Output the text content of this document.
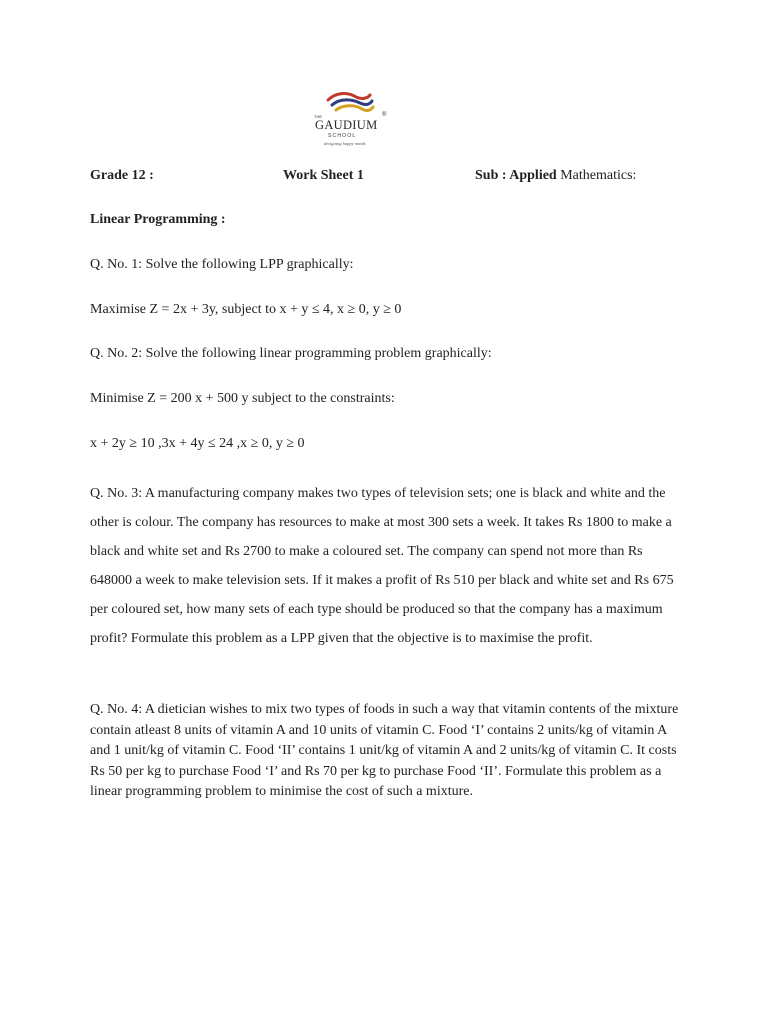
THE
GAUDIUM
®
SCHOOL
designing happy minds
Grade 12 :	Work Sheet 1	Sub : Applied Mathematics:
Linear Programming :
Q. No. 1: Solve the following LPP graphically:
Maximise Z = 2x + 3y, subject to x + y ≤ 4, x ≥ 0, y ≥ 0
Q. No. 2: Solve the following linear programming problem graphically:
Minimise Z = 200 x + 500 y subject to the constraints:
x + 2y ≥ 10 ,3x + 4y ≤ 24 ,x ≥ 0, y ≥ 0
Q. No. 3: A manufacturing company makes two types of television sets; one is black and white and the other is colour. The company has resources to make at most 300 sets a week. It takes Rs 1800 to make a black and white set and Rs 2700 to make a coloured set. The company can spend not more than Rs 648000 a week to make television sets. If it makes a profit of Rs 510 per black and white set and Rs 675 per coloured set, how many sets of each type should be produced so that the company has a maximum profit? Formulate this problem as a LPP given that the objective is to maximise the profit.
Q. No. 4: A dietician wishes to mix two types of foods in such a way that vitamin contents of the mixture contain atleast 8 units of vitamin A and 10 units of vitamin C. Food ‘I’ contains 2 units/kg of vitamin A and 1 unit/kg of vitamin C. Food ‘II’ contains 1 unit/kg of vitamin A and 2 units/kg of vitamin C. It costs Rs 50 per kg to purchase Food ‘I’ and Rs 70 per kg to purchase Food ‘II’. Formulate this problem as a linear programming problem to minimise the cost of such a mixture.
